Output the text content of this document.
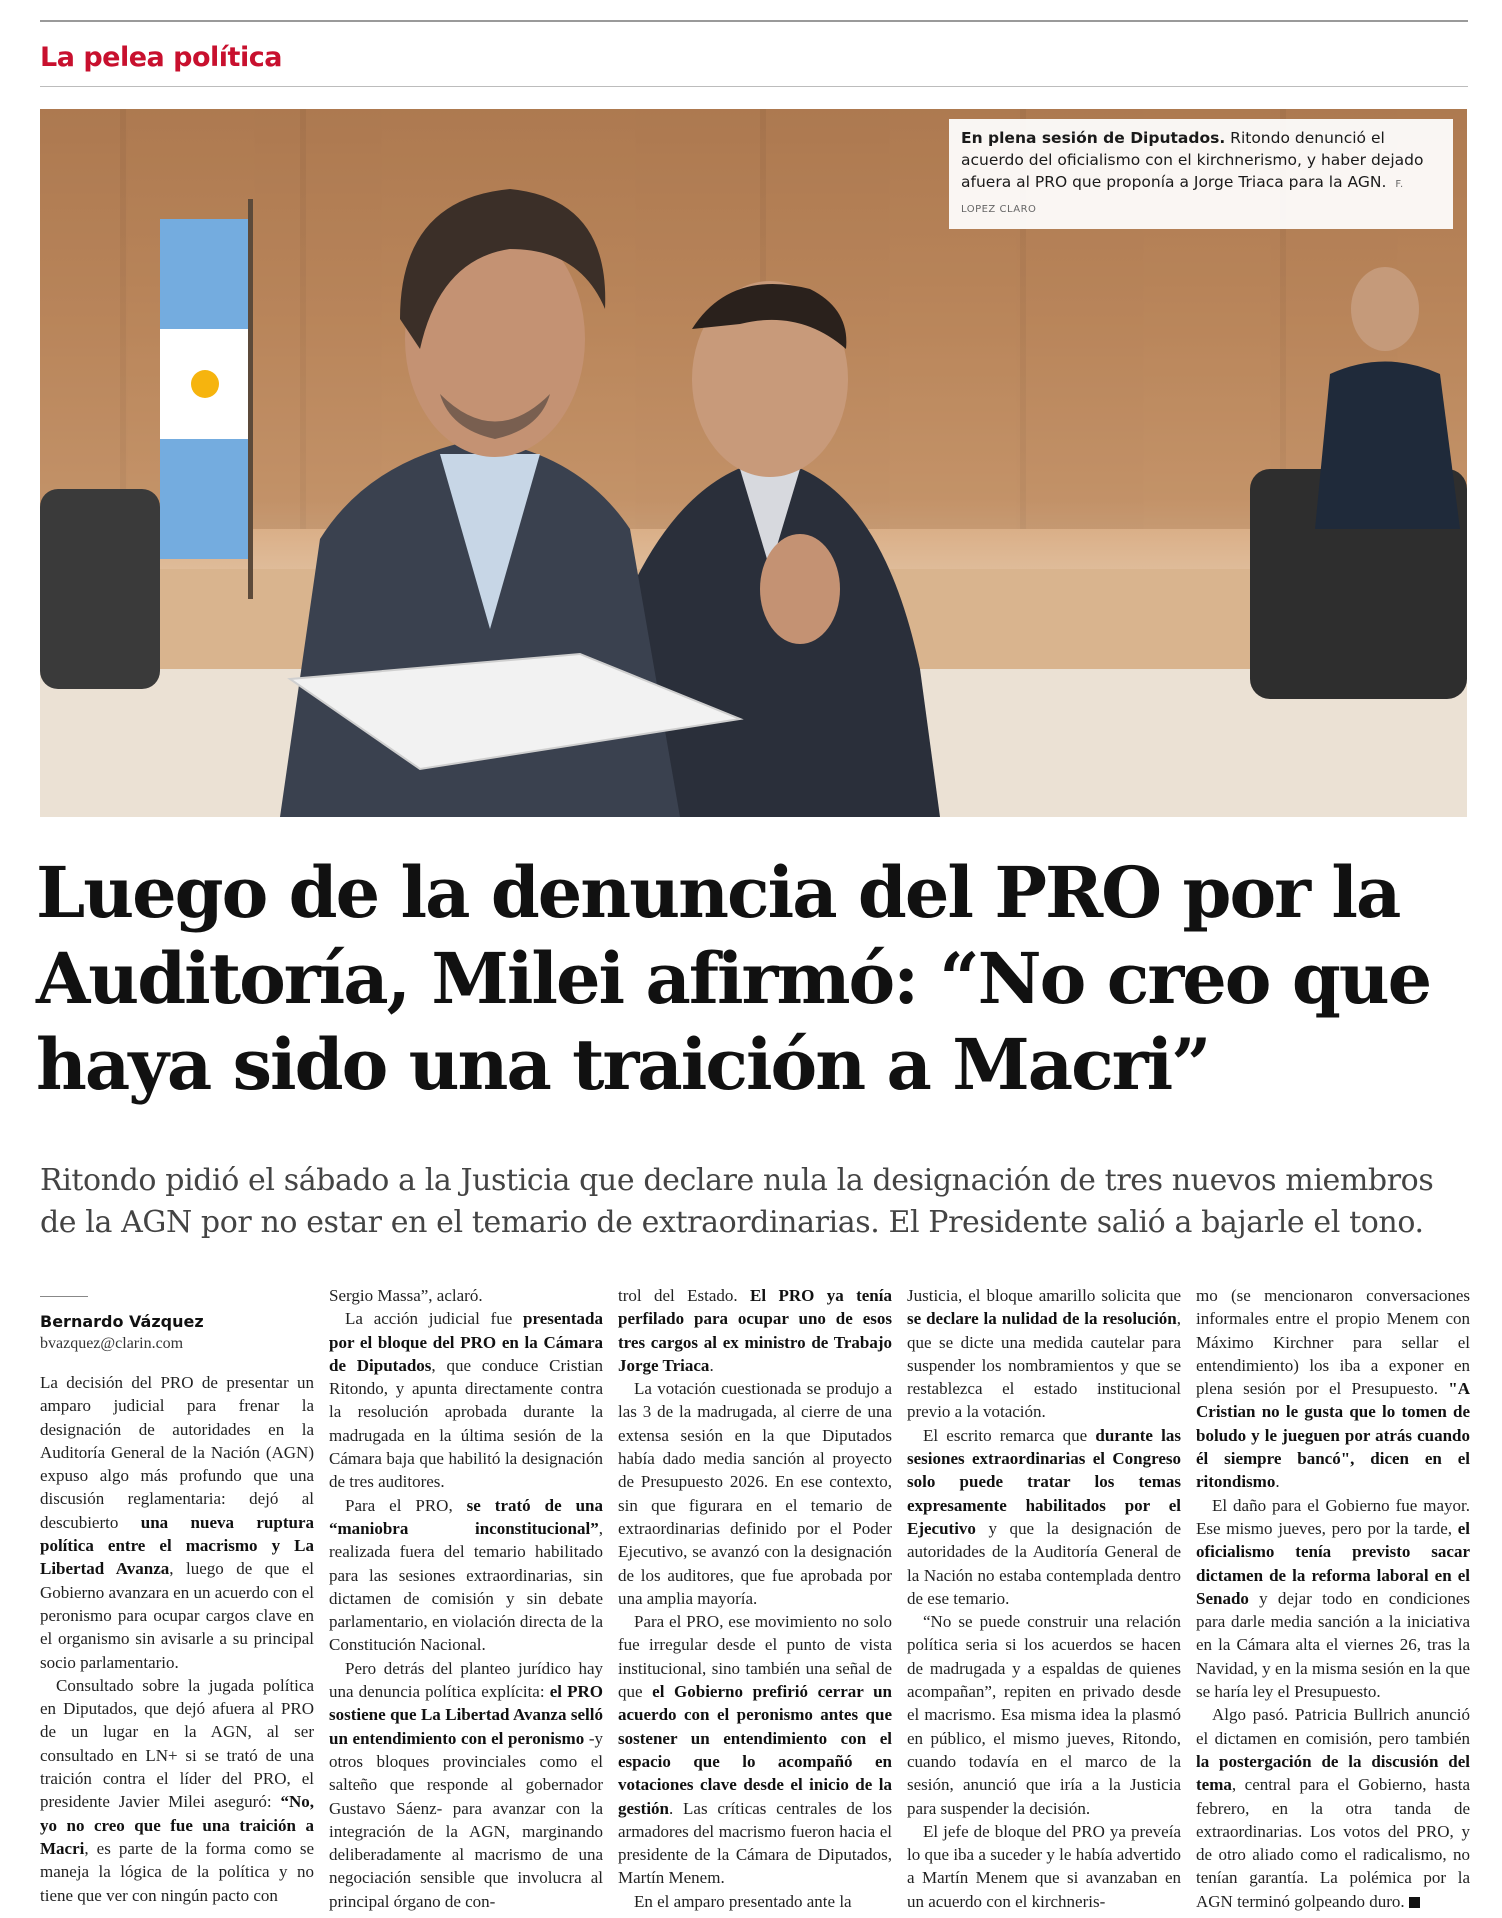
La pelea política
En plena sesión de Diputados. Ritondo denunció el acuerdo del oficialismo con el kirchnerismo, y haber dejado afuera al PRO que proponía a Jorge Triaca para la AGN. F. LOPEZ CLARO
Luego de la denuncia del PRO por la Auditoría, Milei afirmó: “No creo que haya sido una traición a Macri”

Ritondo pidió el sábado a la Justicia que declare nula la designación de tres nuevos miembros de la AGN por no estar en el temario de extraordinarias. El Presidente salió a bajarle el tono.

Bernardo Vázquez
bvazquez@clarin.com

La decisión del PRO de presentar un amparo judicial para frenar la designación de autoridades en la Auditoría General de la Nación (AGN) expuso algo más profundo que una discusión reglamentaria: dejó al descubierto una nueva ruptura política entre el macrismo y La Libertad Avanza, luego de que el Gobierno avanzara en un acuerdo con el peronismo para ocupar cargos clave en el organismo sin avisarle a su principal socio parlamentario.

Consultado sobre la jugada política en Diputados, que dejó afuera al PRO de un lugar en la AGN, al ser consultado en LN+ si se trató de una traición contra el líder del PRO, el presidente Javier Milei aseguró: “No, yo no creo que fue una traición a Macri, es parte de la forma como se maneja la lógica de la política y no tiene que ver con ningún pacto con

Sergio Massa”, aclaró.

La acción judicial fue presentada por el bloque del PRO en la Cámara de Diputados, que conduce Cristian Ritondo, y apunta directamente contra la resolución aprobada durante la madrugada en la última sesión de la Cámara baja que habilitó la designación de tres auditores.

Para el PRO, se trató de una “maniobra inconstitucional”, realizada fuera del temario habilitado para las sesiones extraordinarias, sin dictamen de comisión y sin debate parlamentario, en violación directa de la Constitución Nacional.

Pero detrás del planteo jurídico hay una denuncia política explícita: el PRO sostiene que La Libertad Avanza selló un entendimiento con el peronismo -y otros bloques provinciales como el salteño que responde al gobernador Gustavo Sáenz- para avanzar con la integración de la AGN, marginando deliberadamente al macrismo de una negociación sensible que involucra al principal órgano de con-

trol del Estado. El PRO ya tenía perfilado para ocupar uno de esos tres cargos al ex ministro de Trabajo Jorge Triaca.

La votación cuestionada se produjo a las 3 de la madrugada, al cierre de una extensa sesión en la que Diputados había dado media sanción al proyecto de Presupuesto 2026. En ese contexto, sin que figurara en el temario de extraordinarias definido por el Poder Ejecutivo, se avanzó con la designación de los auditores, que fue aprobada por una amplia mayoría.

Para el PRO, ese movimiento no solo fue irregular desde el punto de vista institucional, sino también una señal de que el Gobierno prefirió cerrar un acuerdo con el peronismo antes que sostener un entendimiento con el espacio que lo acompañó en votaciones clave desde el inicio de la gestión. Las críticas centrales de los armadores del macrismo fueron hacia el presidente de la Cámara de Diputados, Martín Menem.

En el amparo presentado ante la

Justicia, el bloque amarillo solicita que se declare la nulidad de la resolución, que se dicte una medida cautelar para suspender los nombramientos y que se restablezca el estado institucional previo a la votación.

El escrito remarca que durante las sesiones extraordinarias el Congreso solo puede tratar los temas expresamente habilitados por el Ejecutivo y que la designación de autoridades de la Auditoría General de la Nación no estaba contemplada dentro de ese temario.

“No se puede construir una relación política seria si los acuerdos se hacen de madrugada y a espaldas de quienes acompañan”, repiten en privado desde el macrismo. Esa misma idea la plasmó en público, el mismo jueves, Ritondo, cuando todavía en el marco de la sesión, anunció que iría a la Justicia para suspender la decisión.

El jefe de bloque del PRO ya preveía lo que iba a suceder y le había advertido a Martín Menem que si avanzaban en un acuerdo con el kirchneris-

mo (se mencionaron conversaciones informales entre el propio Menem con Máximo Kirchner para sellar el entendimiento) los iba a exponer en plena sesión por el Presupuesto. "A Cristian no le gusta que lo tomen de boludo y le jueguen por atrás cuando él siempre bancó", dicen en el ritondismo.

El daño para el Gobierno fue mayor. Ese mismo jueves, pero por la tarde, el oficialismo tenía previsto sacar dictamen de la reforma laboral en el Senado y dejar todo en condiciones para darle media sanción a la iniciativa en la Cámara alta el viernes 26, tras la Navidad, y en la misma sesión en la que se haría ley el Presupuesto.

Algo pasó. Patricia Bullrich anunció el dictamen en comisión, pero también la postergación de la discusión del tema, central para el Gobierno, hasta febrero, en la otra tanda de extraordinarias. Los votos del PRO, y de otro aliado como el radicalismo, no tenían garantía. La polémica por la AGN terminó golpeando duro.
